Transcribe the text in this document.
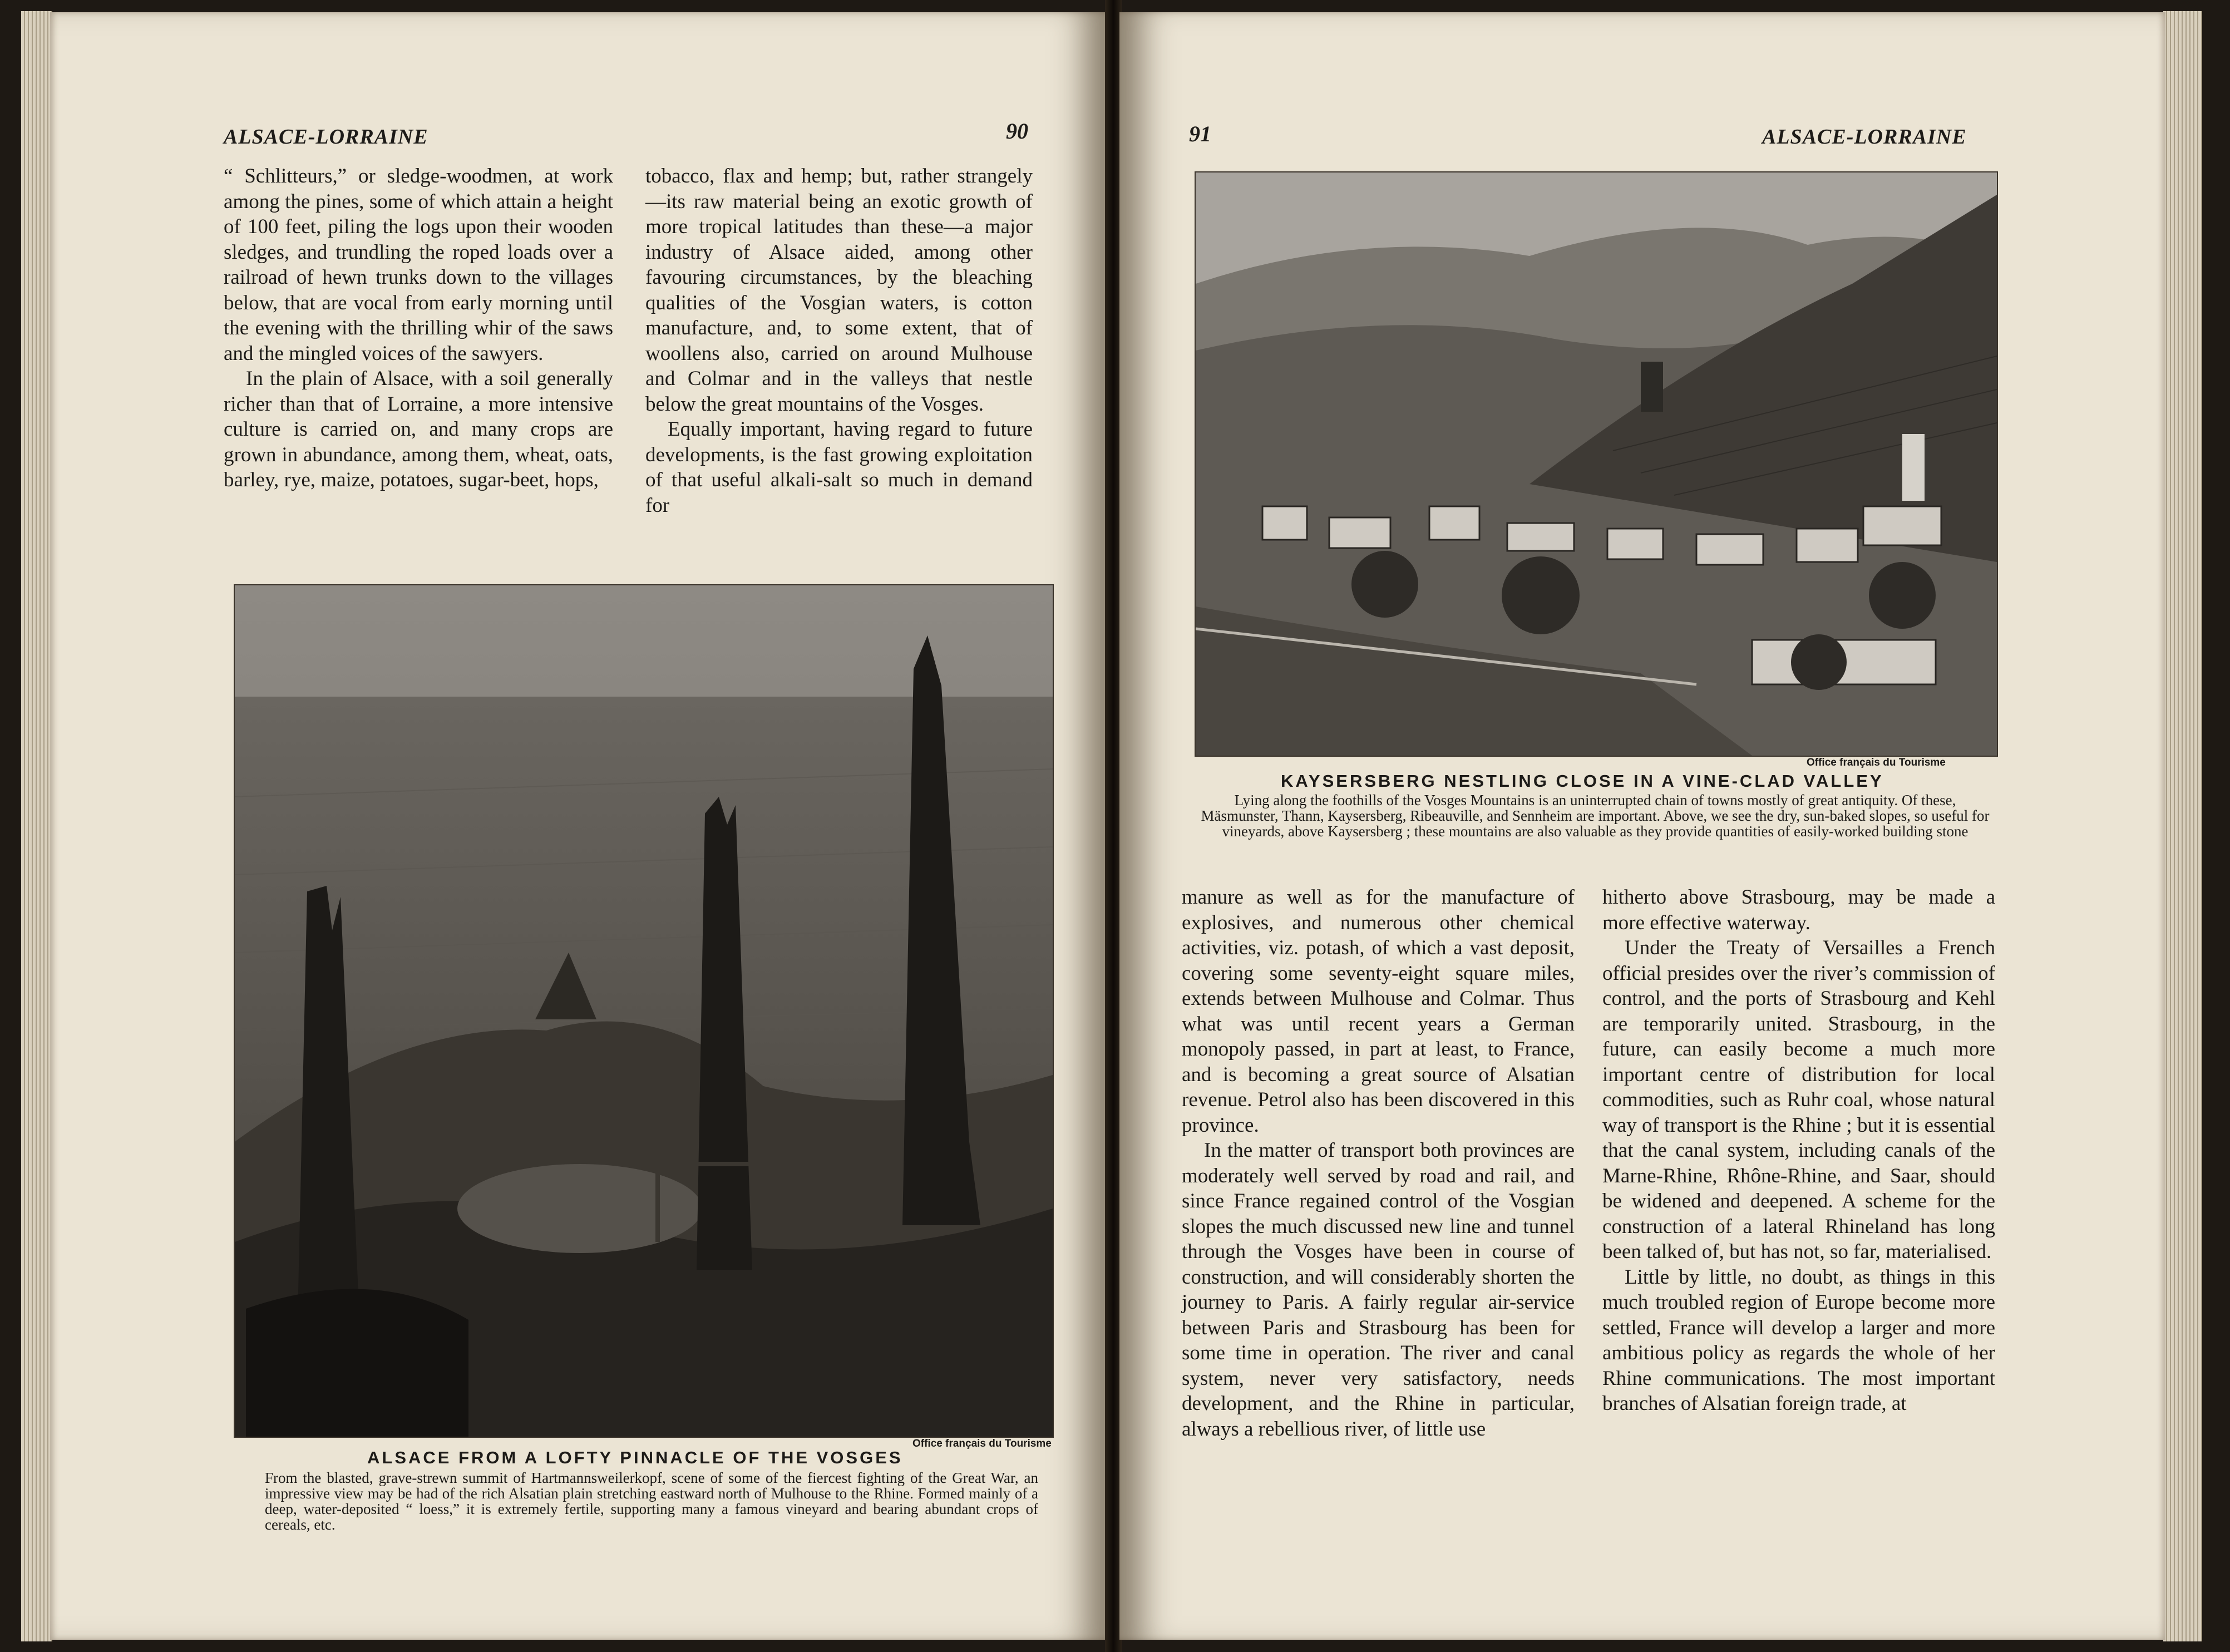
ALSACE-LORRAINE	90

“ Schlitteurs,” or sledge-woodmen, at work among the pines, some of which attain a height of 100 feet, piling the logs upon their wooden sledges, and trundling the roped loads over a railroad of hewn trunks down to the villages below, that are vocal from early morning until the evening with the thrilling whir of the saws and the mingled voices of the sawyers.

In the plain of Alsace, with a soil generally richer than that of Lorraine, a more intensive culture is carried on, and many crops are grown in abundance, among them, wheat, oats, barley, rye, maize, potatoes, sugar-beet, hops,

tobacco, flax and hemp; but, rather strangely—its raw material being an exotic growth of more tropical latitudes than these—a major industry of Alsace aided, among other favouring circumstances, by the bleaching qualities of the Vosgian waters, is cotton manufacture, and, to some extent, that of woollens also, carried on around Mulhouse and Colmar and in the valleys that nestle below the great mountains of the Vosges.

Equally important, having regard to future developments, is the fast growing exploitation of that useful alkali-salt so much in demand for

Office français du Tourisme
ALSACE FROM A LOFTY PINNACLE OF THE VOSGES
From the blasted, grave-strewn summit of Hartmannsweilerkopf, scene of some of the fiercest fighting of the Great War, an impressive view may be had of the rich Alsatian plain stretching eastward north of Mulhouse to the Rhine. Formed mainly of a deep, water-deposited “ loess,” it is extremely fertile, supporting many a famous vineyard and bearing abundant crops of cereals, etc.
91	ALSACE-LORRAINE
Office français du Tourisme
KAYSERSBERG NESTLING CLOSE IN A VINE-CLAD VALLEY
Lying along the foothills of the Vosges Mountains is an uninterrupted chain of towns mostly of great antiquity. Of these, Mäsmunster, Thann, Kaysersberg, Ribeauville, and Sennheim are important. Above, we see the dry, sun-baked slopes, so useful for vineyards, above Kaysersberg ; these mountains are also valuable as they provide quantities of easily-worked building stone

manure as well as for the manufacture of explosives, and numerous other chemical activities, viz. potash, of which a vast deposit, covering some seventy-eight square miles, extends between Mulhouse and Colmar. Thus what was until recent years a German monopoly passed, in part at least, to France, and is becoming a great source of Alsatian revenue. Petrol also has been discovered in this province.

In the matter of transport both provinces are moderately well served by road and rail, and since France regained control of the Vosgian slopes the much discussed new line and tunnel through the Vosges have been in course of construction, and will considerably shorten the journey to Paris. A fairly regular air-service between Paris and Strasbourg has been for some time in operation. The river and canal system, never very satisfactory, needs development, and the Rhine in particular, always a rebellious river, of little use

hitherto above Strasbourg, may be made a more effective waterway.

Under the Treaty of Versailles a French official presides over the river’s commission of control, and the ports of Strasbourg and Kehl are temporarily united. Strasbourg, in the future, can easily become a much more important centre of distribution for local commodities, such as Ruhr coal, whose natural way of transport is the Rhine ; but it is essential that the canal system, including canals of the Marne-Rhine, Rhône-Rhine, and Saar, should be widened and deepened. A scheme for the construction of a lateral Rhineland has long been talked of, but has not, so far, materialised.

Little by little, no doubt, as things in this much troubled region of Europe become more settled, France will develop a larger and more ambitious policy as regards the whole of her Rhine communications. The most important branches of Alsatian foreign trade, at
